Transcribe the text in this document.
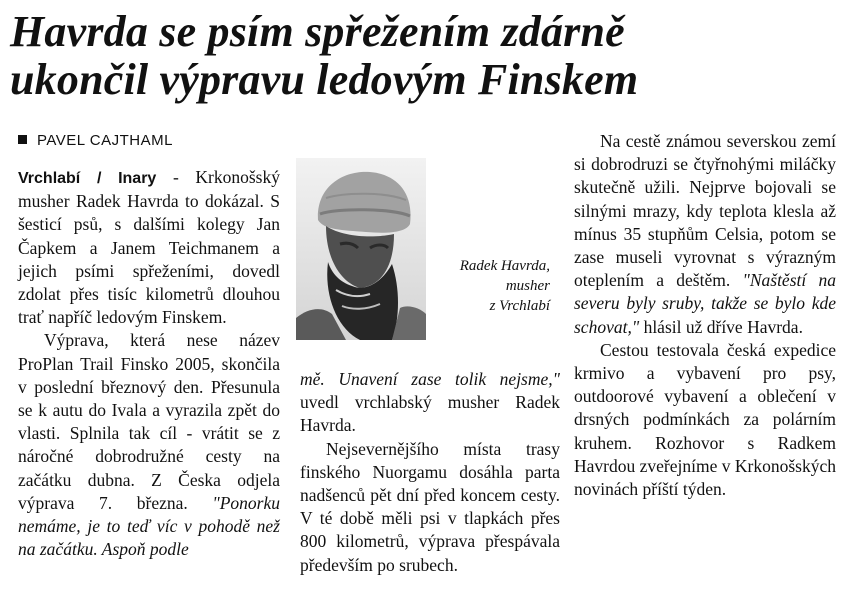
Havrda se psím spřežením zdárně
ukončil výpravu ledovým Finskem
PAVEL CAJTHAML

Vrchlabí / Inary - Krkonošský musher Radek Havrda to dokázal. S šesticí psů, s dalšími kolegy Jan Čapkem a Janem Teichmanem a jejich psími spřeženími, dovedl zdolat přes tisíc kilometrů dlouhou trať napříč ledovým Finskem.

Výprava, která nese název ProPlan Trail Finsko 2005, skončila v poslední březnový den. Přesunula se k autu do Ivala a vyrazila zpět do vlasti. Splnila tak cíl - vrátit se z náročné dobrodružné cesty na začátku dubna. Z Česka odjela výprava 7. března. "Ponorku nemáme, je to teď víc v pohodě než na začátku. Aspoň podle

Radek Havrda,
musher
z Vrchlabí

mě. Unavení zase tolik nejsme," uvedl vrchlabský musher Radek Havrda.

Nejsevernějšího místa trasy finského Nuorgamu dosáhla parta nadšenců pět dní před koncem cesty. V té době měli psi v tlapkách přes 800 kilometrů, výprava přespávala především po srubech.

Na cestě známou severskou zemí si dobrodruzi se čtyřnohými miláčky skutečně užili. Nejprve bojovali se silnými mrazy, kdy teplota klesla až mínus 35 stupňům Celsia, potom se zase museli vyrovnat s výrazným oteplením a deštěm. "Naštěstí na severu byly sruby, takže se bylo kde schovat," hlásil už dříve Havrda.

Cestou testovala česká expedice krmivo a vybavení pro psy, outdoorové vybavení a oblečení v drsných podmínkách za polárním kruhem. Rozhovor s Radkem Havrdou zveřejníme v Krkonošských novinách příští týden.
